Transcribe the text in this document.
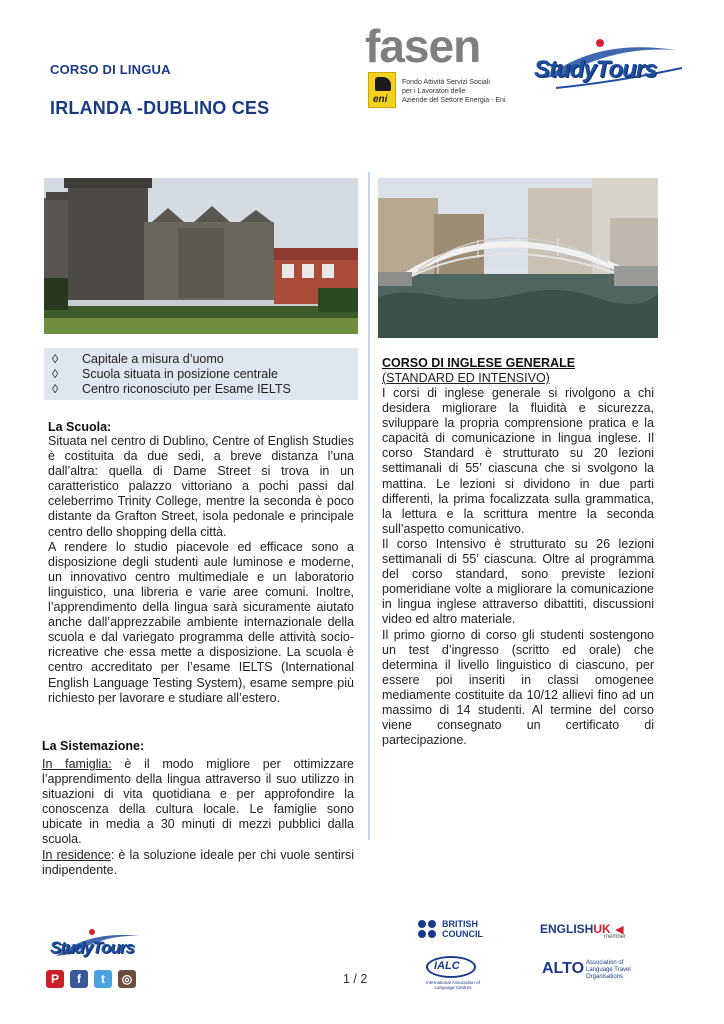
CORSO DI LINGUA
IRLANDA -DUBLINO CES
fasen
eni
Fondo Attività Servizi Sociali
per i Lavoratori delle
Aziende del Settore Energia - Eni
StudyTours
◊	Capitale a misura d’uomo
◊	Scuola situata in posizione centrale
◊	Centro riconosciuto per Esame IELTS
La Scuola:

Situata nel centro di Dublino, Centre of English Studies è costituita da due sedi, a breve distanza l’una dall’altra: quella di Dame Street si trova in un caratteristico palazzo vittoriano a pochi passi dal celeberrimo Trinity College, mentre la seconda è poco distante da Grafton Street, isola pedonale e principale centro dello shopping della città.

A rendere lo studio piacevole ed efficace sono a disposizione degli studenti aule luminose e moderne, un innovativo centro multimediale e un laboratorio linguistico, una libreria e varie aree comuni. Inoltre, l’apprendimento della lingua sarà sicuramente aiutato anche dall’apprezzabile ambiente internazionale della scuola e dal variegato programma delle attività socio-ricreative che essa mette a disposizione. La scuola è centro accreditato per l’esame IELTS (International English Language Testing System), esame sempre più richiesto per lavorare e studiare all’estero.

La Sistemazione:

In famiglia: è il modo migliore per ottimizzare l’apprendimento della lingua attraverso il suo utilizzo in situazioni di vita quotidiana e per approfondire la conoscenza della cultura locale. Le famiglie sono ubicate in media a 30 minuti di mezzi pubblici dalla scuola.

In residence: è la soluzione ideale per chi vuole sentirsi indipendente.

CORSO DI INGLESE GENERALE
(STANDARD ED INTENSIVO)

I corsi di inglese generale si rivolgono a chi desidera migliorare la fluidità e sicurezza, sviluppare la propria comprensione pratica e la capacità di comunicazione in lingua inglese. Il corso Standard è strutturato su 20 lezioni settimanali di 55’ ciascuna che si svolgono la mattina. Le lezioni si dividono in due parti differenti, la prima focalizzata sulla grammatica, la lettura e la scrittura mentre la seconda sull’aspetto comunicativo.

Il corso Intensivo è strutturato su 26 lezioni settimanali di 55’ ciascuna. Oltre al programma del corso standard, sono previste lezioni pomeridiane volte a migliorare la comunicazione in lingua inglese attraverso dibattiti, discussioni video ed altro materiale.

Il primo giorno di corso gli studenti sostengono un test d’ingresso (scritto ed orale) che determina il livello linguistico di ciascuno, per essere poi inseriti in classi omogenee mediamente costituite da 10/12 allievi fino ad un massimo di 14 studenti. Al termine del corso viene consegnato un certificato di partecipazione.

StudyTours
P	f	t	◎	1 / 2
BRITISH
COUNCIL	ENGLISHUK ◀
member
IALC
International Association of Language Centres
ALTO Association of Language Travel Organisations
